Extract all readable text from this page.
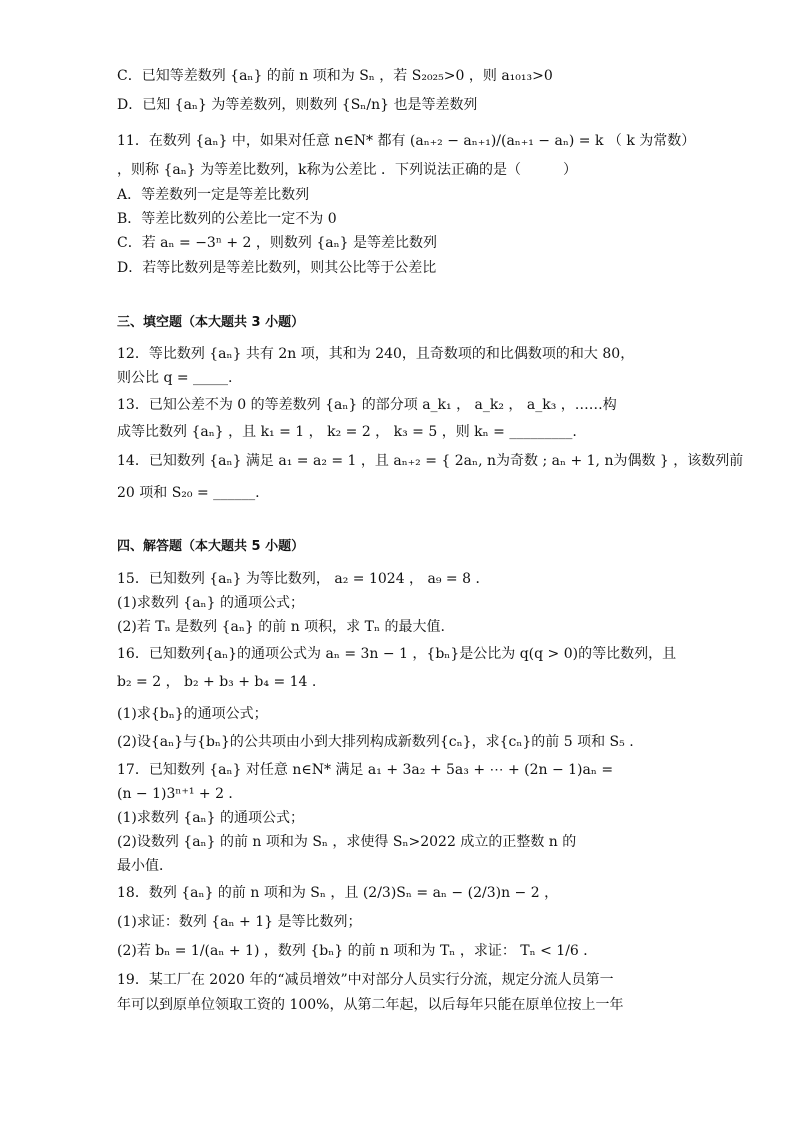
C．已知等差数列 {aₙ} 的前 n 项和为 Sₙ ，若 S₂₀₂₅>0 ，则 a₁₀₁₃>0
D．已知 {aₙ} 为等差数列，则数列 {Sₙ/n} 也是等差数列
11．在数列 {aₙ} 中，如果对任意 n∈N* 都有 (aₙ₊₂ − aₙ₊₁)/(aₙ₊₁ − aₙ) = k （ k 为常数）
，则称 {aₙ} 为等差比数列，k称为公差比 ．下列说法正确的是（　　　）
A．等差数列一定是等差比数列
B．等差比数列的公差比一定不为 0
C．若 aₙ = −3ⁿ + 2 ，则数列 {aₙ} 是等差比数列
D．若等比数列是等差比数列，则其公比等于公差比
三、填空题（本大题共 3 小题）
12．等比数列 {aₙ} 共有 2n 项，其和为 240，且奇数项的和比偶数项的和大 80，
则公比 q = _____.
13．已知公差不为 0 的等差数列 {aₙ} 的部分项 a_k₁ ， a_k₂ ， a_k₃ ，……构
成等比数列 {aₙ} ，且 k₁ = 1 ， k₂ = 2 ， k₃ = 5 ，则 kₙ = _________.
14．已知数列 {aₙ} 满足 a₁ = a₂ = 1 ，且 aₙ₊₂ = { 2aₙ, n为奇数 ; aₙ + 1, n为偶数 } ，该数列前
20 项和 S₂₀ = ______.
四、解答题（本大题共 5 小题）
15．已知数列 {aₙ} 为等比数列， a₂ = 1024 ， a₉ = 8 ．
(1)求数列 {aₙ} 的通项公式；
(2)若 Tₙ 是数列 {aₙ} 的前 n 项积，求 Tₙ 的最大值.
16．已知数列{aₙ}的通项公式为 aₙ = 3n − 1 ，{bₙ}是公比为 q(q > 0)的等比数列，且
b₂ = 2 ， b₂ + b₃ + b₄ = 14 .
(1)求{bₙ}的通项公式；
(2)设{aₙ}与{bₙ}的公共项由小到大排列构成新数列{cₙ}，求{cₙ}的前 5 项和 S₅ .
17．已知数列 {aₙ} 对任意 n∈N* 满足 a₁ + 3a₂ + 5a₃ + ⋯ + (2n − 1)aₙ =
(n − 1)3ⁿ⁺¹ + 2 ．
(1)求数列 {aₙ} 的通项公式；
(2)设数列 {aₙ} 的前 n 项和为 Sₙ ，求使得 Sₙ>2022 成立的正整数 n 的
最小值．
18．数列 {aₙ} 的前 n 项和为 Sₙ ，且 (2/3)Sₙ = aₙ − (2/3)n − 2 ，
(1)求证：数列 {aₙ + 1} 是等比数列；
(2)若 bₙ = 1/(aₙ + 1) ，数列 {bₙ} 的前 n 项和为 Tₙ ，求证： Tₙ < 1/6 ．
19．某工厂在 2020 年的“减员增效”中对部分人员实行分流，规定分流人员第一
年可以到原单位领取工资的 100%，从第二年起，以后每年只能在原单位按上一年
